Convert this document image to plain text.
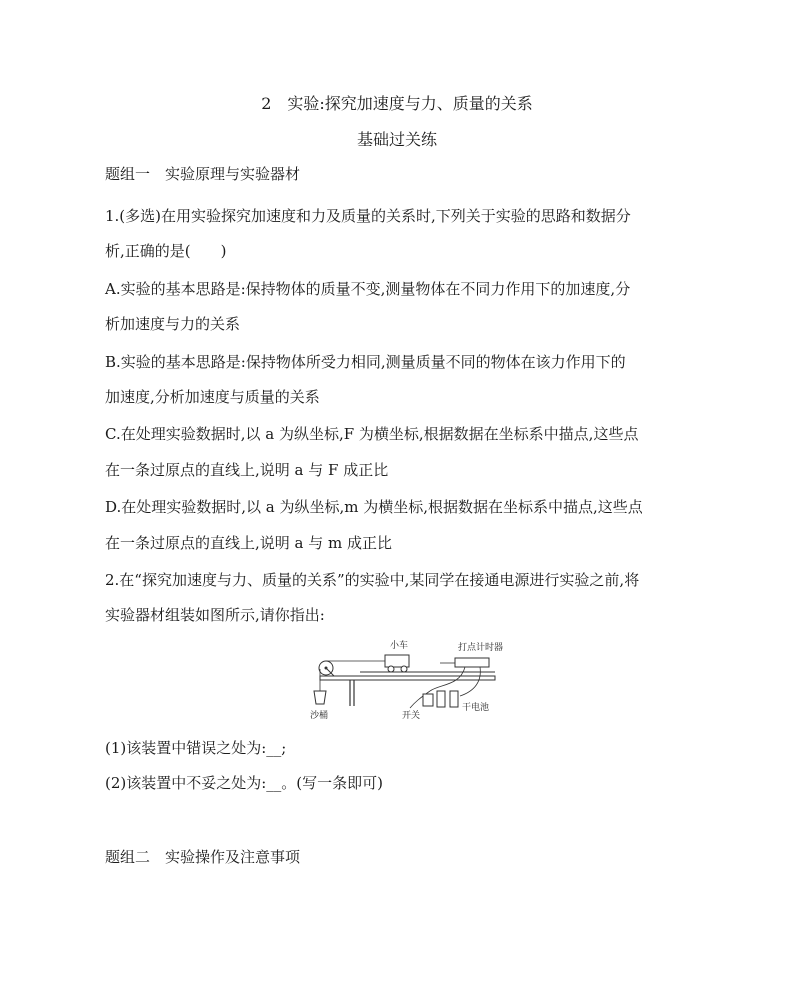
2　实验:探究加速度与力、质量的关系
基础过关练
题组一　实验原理与实验器材
1.(多选)在用实验探究加速度和力及质量的关系时,下列关于实验的思路和数据分
析,正确的是(　　)
A.实验的基本思路是:保持物体的质量不变,测量物体在不同力作用下的加速度,分
析加速度与力的关系
B.实验的基本思路是:保持物体所受力相同,测量质量不同的物体在该力作用下的
加速度,分析加速度与质量的关系
C.在处理实验数据时,以 a 为纵坐标,F 为横坐标,根据数据在坐标系中描点,这些点
在一条过原点的直线上,说明 a 与 F 成正比
D.在处理实验数据时,以 a 为纵坐标,m 为横坐标,根据数据在坐标系中描点,这些点
在一条过原点的直线上,说明 a 与 m 成正比
2.在“探究加速度与力、质量的关系”的实验中,某同学在接通电源进行实验之前,将
实验器材组装如图所示,请你指出:
小车	打点计时器
沙桶	开关
干电池
(1)该装置中错误之处为:__;
(2)该装置中不妥之处为:__。(写一条即可)
题组二　实验操作及注意事项
